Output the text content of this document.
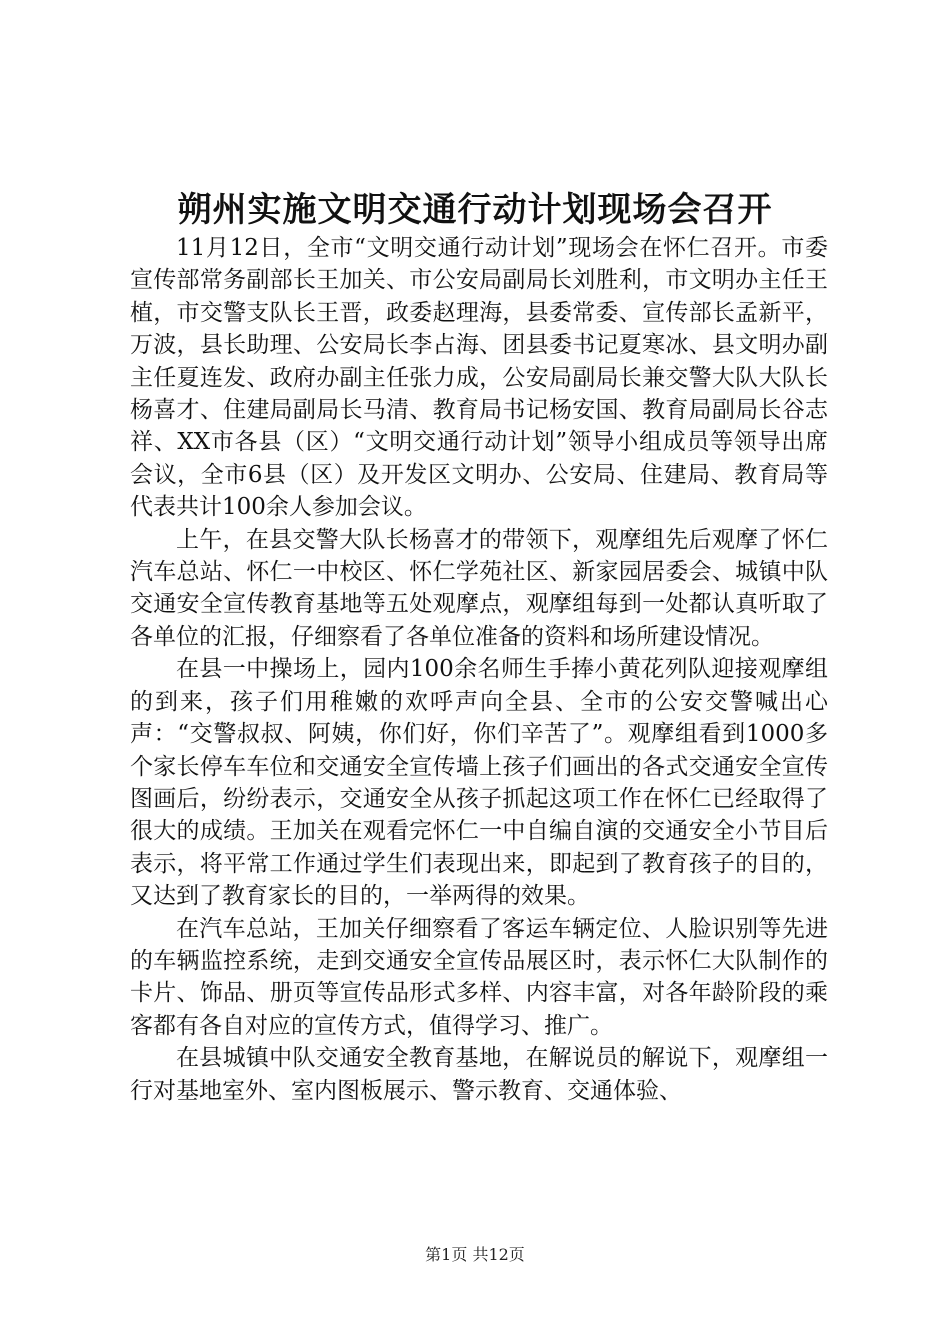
朔州实施文明交通行动计划现场会召开

11月12日，全市“文明交通行动计划”现场会在怀仁召开。市委宣传部常务副部长王加关、市公安局副局长刘胜利，市文明办主任王植，市交警支队长王晋，政委赵理海，县委常委、宣传部长孟新平，万波，县长助理、公安局长李占海、团县委书记夏寒冰、县文明办副主任夏连发、政府办副主任张力成，公安局副局长兼交警大队大队长杨喜才、住建局副局长马清、教育局书记杨安国、教育局副局长谷志祥、XX市各县（区）“文明交通行动计划”领导小组成员等领导出席会议，全市6县（区）及开发区文明办、公安局、住建局、教育局等代表共计100余人参加会议。

上午，在县交警大队长杨喜才的带领下，观摩组先后观摩了怀仁汽车总站、怀仁一中校区、怀仁学苑社区、新家园居委会、城镇中队交通安全宣传教育基地等五处观摩点，观摩组每到一处都认真听取了各单位的汇报，仔细察看了各单位准备的资料和场所建设情况。

在县一中操场上，园内100余名师生手捧小黄花列队迎接观摩组的到来，孩子们用稚嫩的欢呼声向全县、全市的公安交警喊出心声：“交警叔叔、阿姨，你们好，你们辛苦了”。观摩组看到1000多个家长停车车位和交通安全宣传墙上孩子们画出的各式交通安全宣传图画后，纷纷表示，交通安全从孩子抓起这项工作在怀仁已经取得了很大的成绩。王加关在观看完怀仁一中自编自演的交通安全小节目后表示，将平常工作通过学生们表现出来，即起到了教育孩子的目的，又达到了教育家长的目的，一举两得的效果。

在汽车总站，王加关仔细察看了客运车辆定位、人脸识别等先进的车辆监控系统，走到交通安全宣传品展区时，表示怀仁大队制作的卡片、饰品、册页等宣传品形式多样、内容丰富，对各年龄阶段的乘客都有各自对应的宣传方式，值得学习、推广。

在县城镇中队交通安全教育基地，在解说员的解说下，观摩组一行对基地室外、室内图板展示、警示教育、交通体验、

第1页 共12页
